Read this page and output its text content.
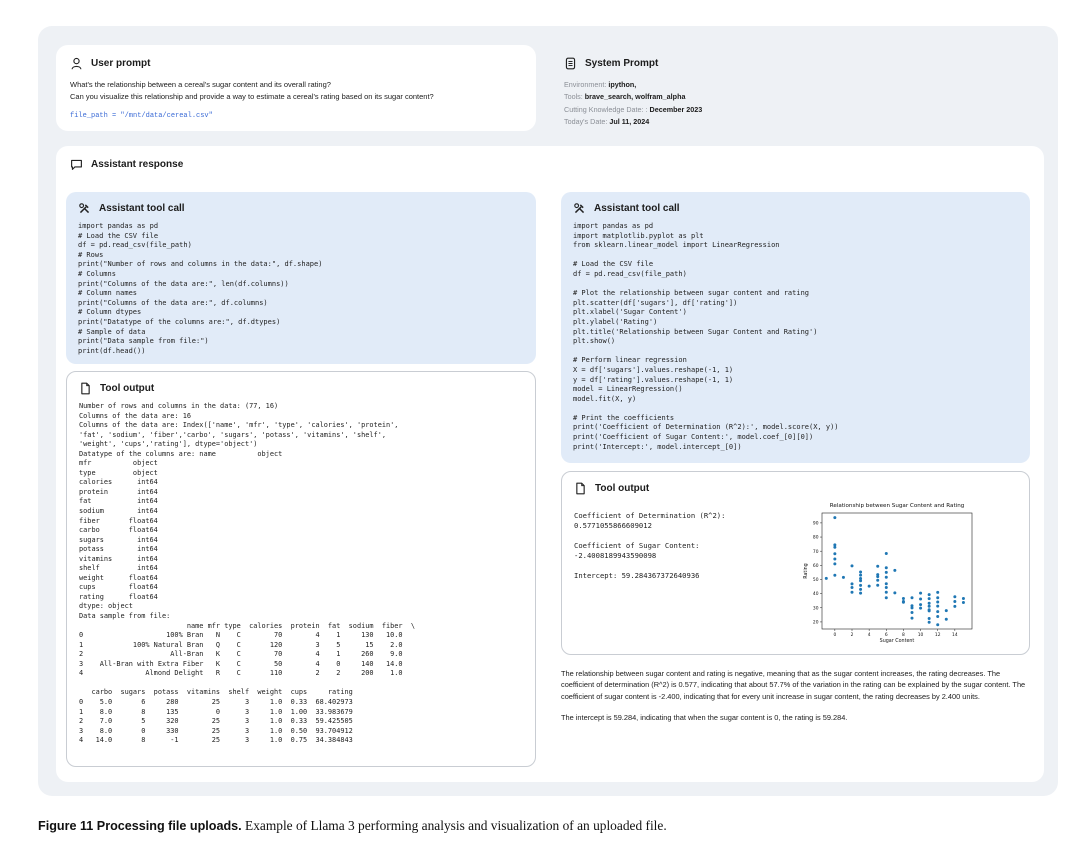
User prompt
What's the relationship between a cereal's sugar content and its overall rating?
Can you visualize this relationship and provide a way to estimate a cereal's rating based on its sugar content?
file_path = "/mnt/data/cereal.csv"
System Prompt
Environment: ipython,
Tools: brave_search, wolfram_alpha
Cutting Knowledge Date: : December 2023
Today's Date: Jul 11, 2024
Assistant response
Assistant tool call
import pandas as pd
# Load the CSV file
df = pd.read_csv(file_path)
# Rows
print("Number of rows and columns in the data:", df.shape)
# Columns
print("Columns of the data are:", len(df.columns))
# Column names
print("Columns of the data are:", df.columns)
# Column dtypes
print("Datatype of the columns are:", df.dtypes)
# Sample of data
print("Data sample from file:")
print(df.head())
Tool output
Number of rows and columns in the data: (77, 16)
Columns of the data are: 16
Columns of the data are: Index(['name', 'mfr', 'type', 'calories', 'protein',
'fat', 'sodium', 'fiber','carbo', 'sugars', 'potass', 'vitamins', 'shelf',
'weight', 'cups','rating'], dtype='object')
Datatype of the columns are: name          object
mfr          object
type         object
calories      int64
protein       int64
fat           int64
sodium        int64
fiber       float64
carbo       float64
sugars        int64
potass        int64
vitamins      int64
shelf         int64
weight      float64
cups        float64
rating      float64
dtype: object
Data sample from file:
name mfr type  calories  protein  fat  sodium  fiber  \
0                    100% Bran   N    C        70        4    1     130   10.0
1            100% Natural Bran   Q    C       120        3    5      15    2.0
2                     All-Bran   K    C        70        4    1     260    9.0
3    All-Bran with Extra Fiber   K    C        50        4    0     140   14.0
4               Almond Delight   R    C       110        2    2     200    1.0

carbo  sugars  potass  vitamins  shelf  weight  cups     rating
0    5.0       6     280        25      3     1.0  0.33  68.402973
1    8.0       8     135         0      3     1.0  1.00  33.983679
2    7.0       5     320        25      3     1.0  0.33  59.425505
3    8.0       0     330        25      3     1.0  0.50  93.704912
4   14.0       8      -1        25      3     1.0  0.75  34.384843
Assistant tool call
import pandas as pd
import matplotlib.pyplot as plt
from sklearn.linear_model import LinearRegression

# Load the CSV file
df = pd.read_csv(file_path)

# Plot the relationship between sugar content and rating
plt.scatter(df['sugars'], df['rating'])
plt.xlabel('Sugar Content')
plt.ylabel('Rating')
plt.title('Relationship between Sugar Content and Rating')
plt.show()

# Perform linear regression
X = df['sugars'].values.reshape(-1, 1)
y = df['rating'].values.reshape(-1, 1)
model = LinearRegression()
model.fit(X, y)

# Print the coefficients
print('Coefficient of Determination (R^2):', model.score(X, y))
print('Coefficient of Sugar Content:', model.coef_[0][0])
print('Intercept:', model.intercept_[0])
Tool output
Coefficient of Determination (R^2):
0.5771055866609012

Coefficient of Sugar Content:
-2.4008189943590098

Intercept: 59.284367372640936
Relationship between Sugar Content and Rating
20
30
40
50
60
70
80
90
0	2	4	6	8	10	12	14
Sugar Content
Rating

The relationship between sugar content and rating is negative, meaning that as the sugar content increases, the rating decreases. The coefficient of determination (R^2) is 0.577, indicating that about 57.7% of the variation in the rating can be explained by the sugar content. The coefficient of sugar content is -2.400, indicating that for every unit increase in sugar content, the rating decreases by 2.400 units.

The intercept is 59.284, indicating that when the sugar content is 0, the rating is 59.284.

Figure 11 Processing file uploads. Example of Llama 3 performing analysis and visualization of an uploaded file.
